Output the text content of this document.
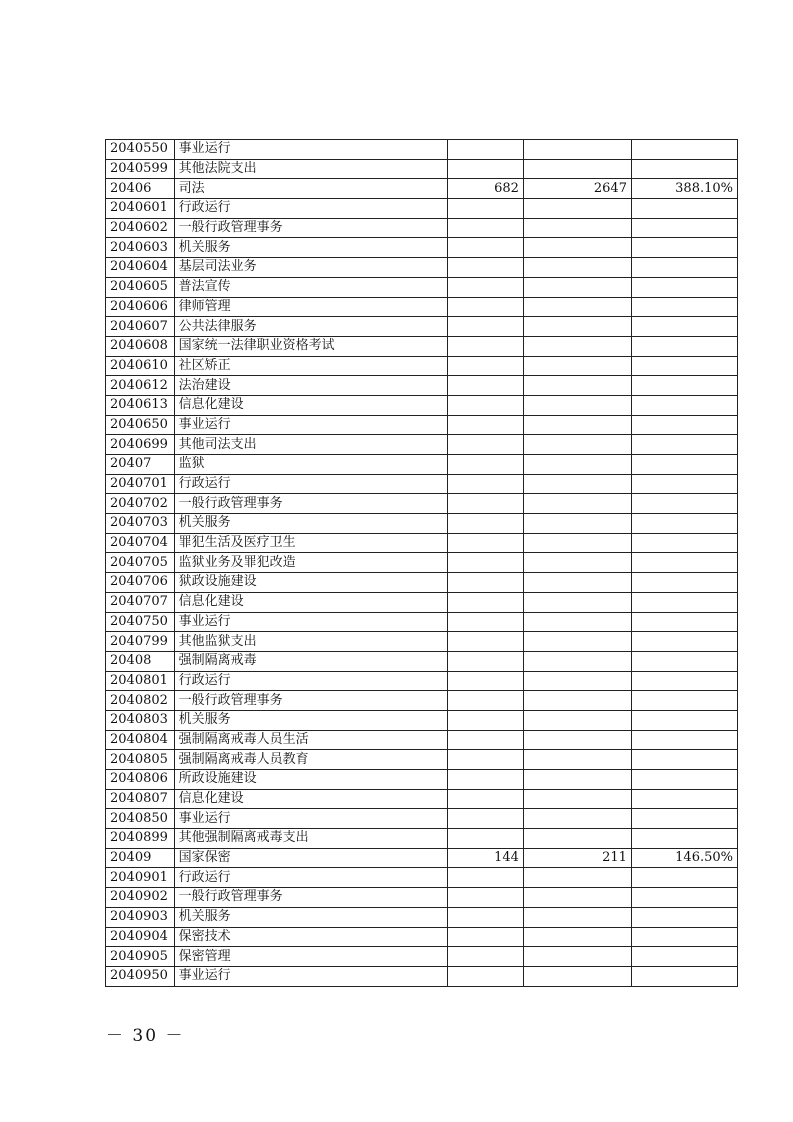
2040550	事业运行			
2040599	其他法院支出			
20406	司法	682	2647	388.10%
2040601	行政运行			
2040602	一般行政管理事务			
2040603	机关服务			
2040604	基层司法业务			
2040605	普法宣传			
2040606	律师管理			
2040607	公共法律服务			
2040608	国家统一法律职业资格考试			
2040610	社区矫正			
2040612	法治建设			
2040613	信息化建设			
2040650	事业运行			
2040699	其他司法支出			
20407	监狱			
2040701	行政运行			
2040702	一般行政管理事务			
2040703	机关服务			
2040704	罪犯生活及医疗卫生			
2040705	监狱业务及罪犯改造			
2040706	狱政设施建设			
2040707	信息化建设			
2040750	事业运行			
2040799	其他监狱支出			
20408	强制隔离戒毒			
2040801	行政运行			
2040802	一般行政管理事务			
2040803	机关服务			
2040804	强制隔离戒毒人员生活			
2040805	强制隔离戒毒人员教育			
2040806	所政设施建设			
2040807	信息化建设			
2040850	事业运行			
2040899	其他强制隔离戒毒支出			
20409	国家保密	144	211	146.50%
2040901	行政运行			
2040902	一般行政管理事务			
2040903	机关服务			
2040904	保密技术			
2040905	保密管理			
2040950	事业运行			
－ 30 －
